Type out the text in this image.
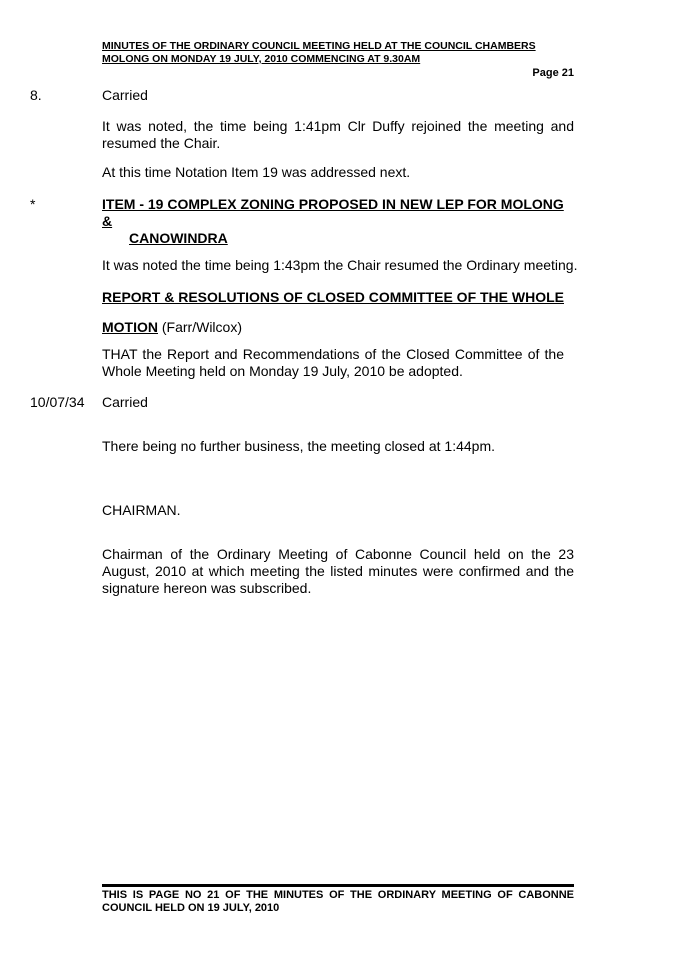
MINUTES OF THE ORDINARY COUNCIL MEETING HELD AT THE COUNCIL CHAMBERS
MOLONG ON MONDAY 19 JULY, 2010 COMMENCING AT 9.30AM
Page 21
8.	Carried
It was noted, the time being 1:41pm Clr Duffy rejoined the meeting and resumed the Chair.
At this time Notation Item 19 was addressed next.
*	ITEM - 19 COMPLEX ZONING PROPOSED IN NEW LEP FOR MOLONG &
CANOWINDRA
It was noted the time being 1:43pm the Chair resumed the Ordinary meeting.
REPORT & RESOLUTIONS OF CLOSED COMMITTEE OF THE WHOLE
MOTION (Farr/Wilcox)
THAT the Report and Recommendations of the Closed Committee of the Whole Meeting held on Monday 19 July, 2010 be adopted.
10/07/34 Carried
There being no further business, the meeting closed at 1:44pm.
CHAIRMAN.
Chairman of the Ordinary Meeting of Cabonne Council held on the 23 August, 2010 at which meeting the listed minutes were confirmed and the signature hereon was subscribed.
THIS IS PAGE NO 21 OF THE MINUTES OF THE ORDINARY MEETING OF CABONNE COUNCIL HELD ON 19 JULY, 2010
